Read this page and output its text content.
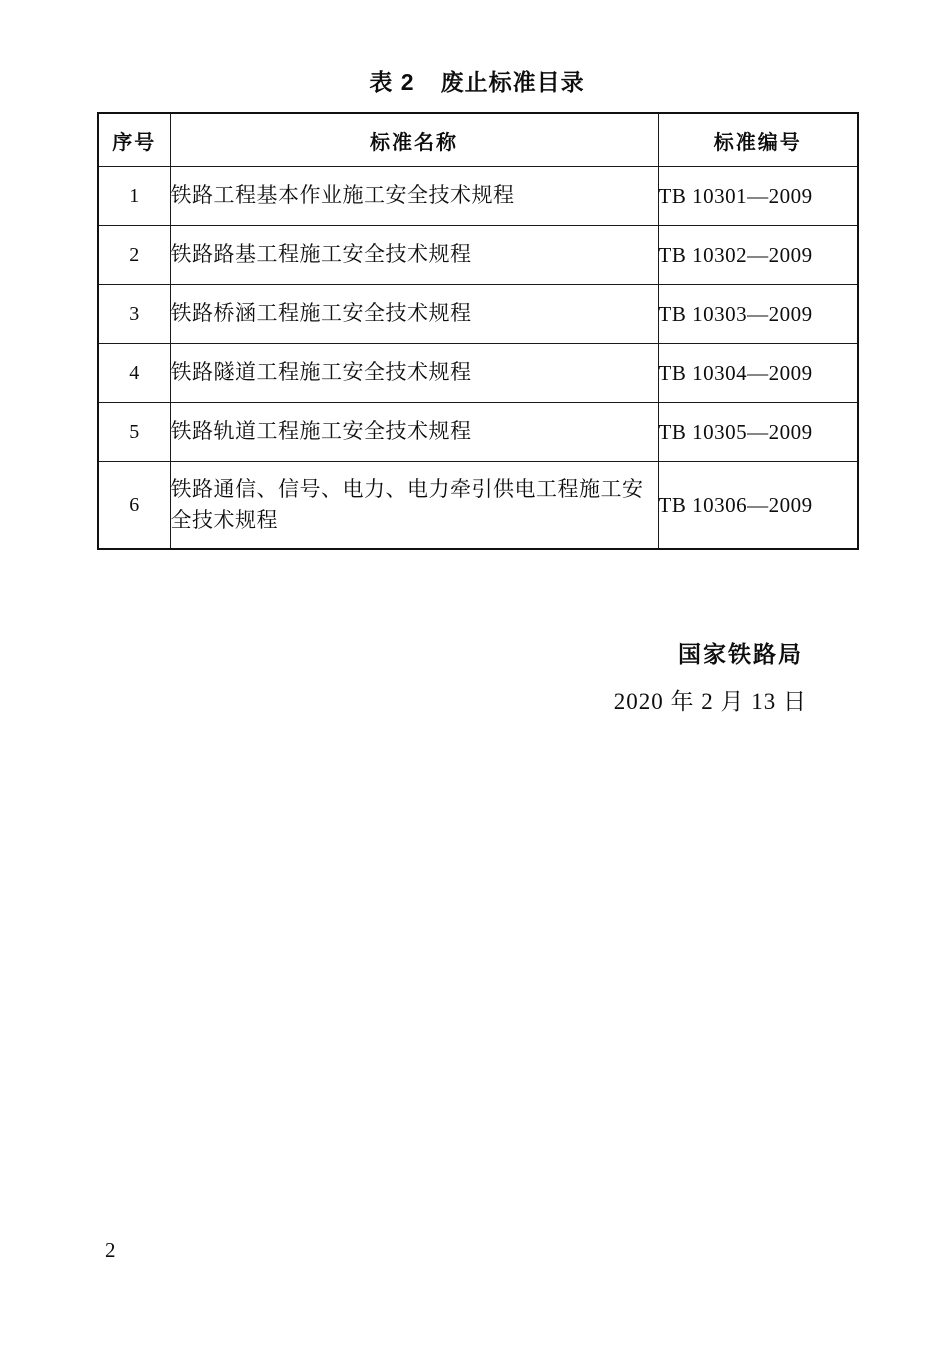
表 2 废止标准目录
序号	标准名称	标准编号
1	铁路工程基本作业施工安全技术规程	TB 10301—2009
2	铁路路基工程施工安全技术规程	TB 10302—2009
3	铁路桥涵工程施工安全技术规程	TB 10303—2009
4	铁路隧道工程施工安全技术规程	TB 10304—2009
5	铁路轨道工程施工安全技术规程	TB 10305—2009
6	铁路通信、信号、电力、电力牵引供电工程施工安全技术规程	TB 10306—2009
国家铁路局
2020 年 2 月 13 日
2
